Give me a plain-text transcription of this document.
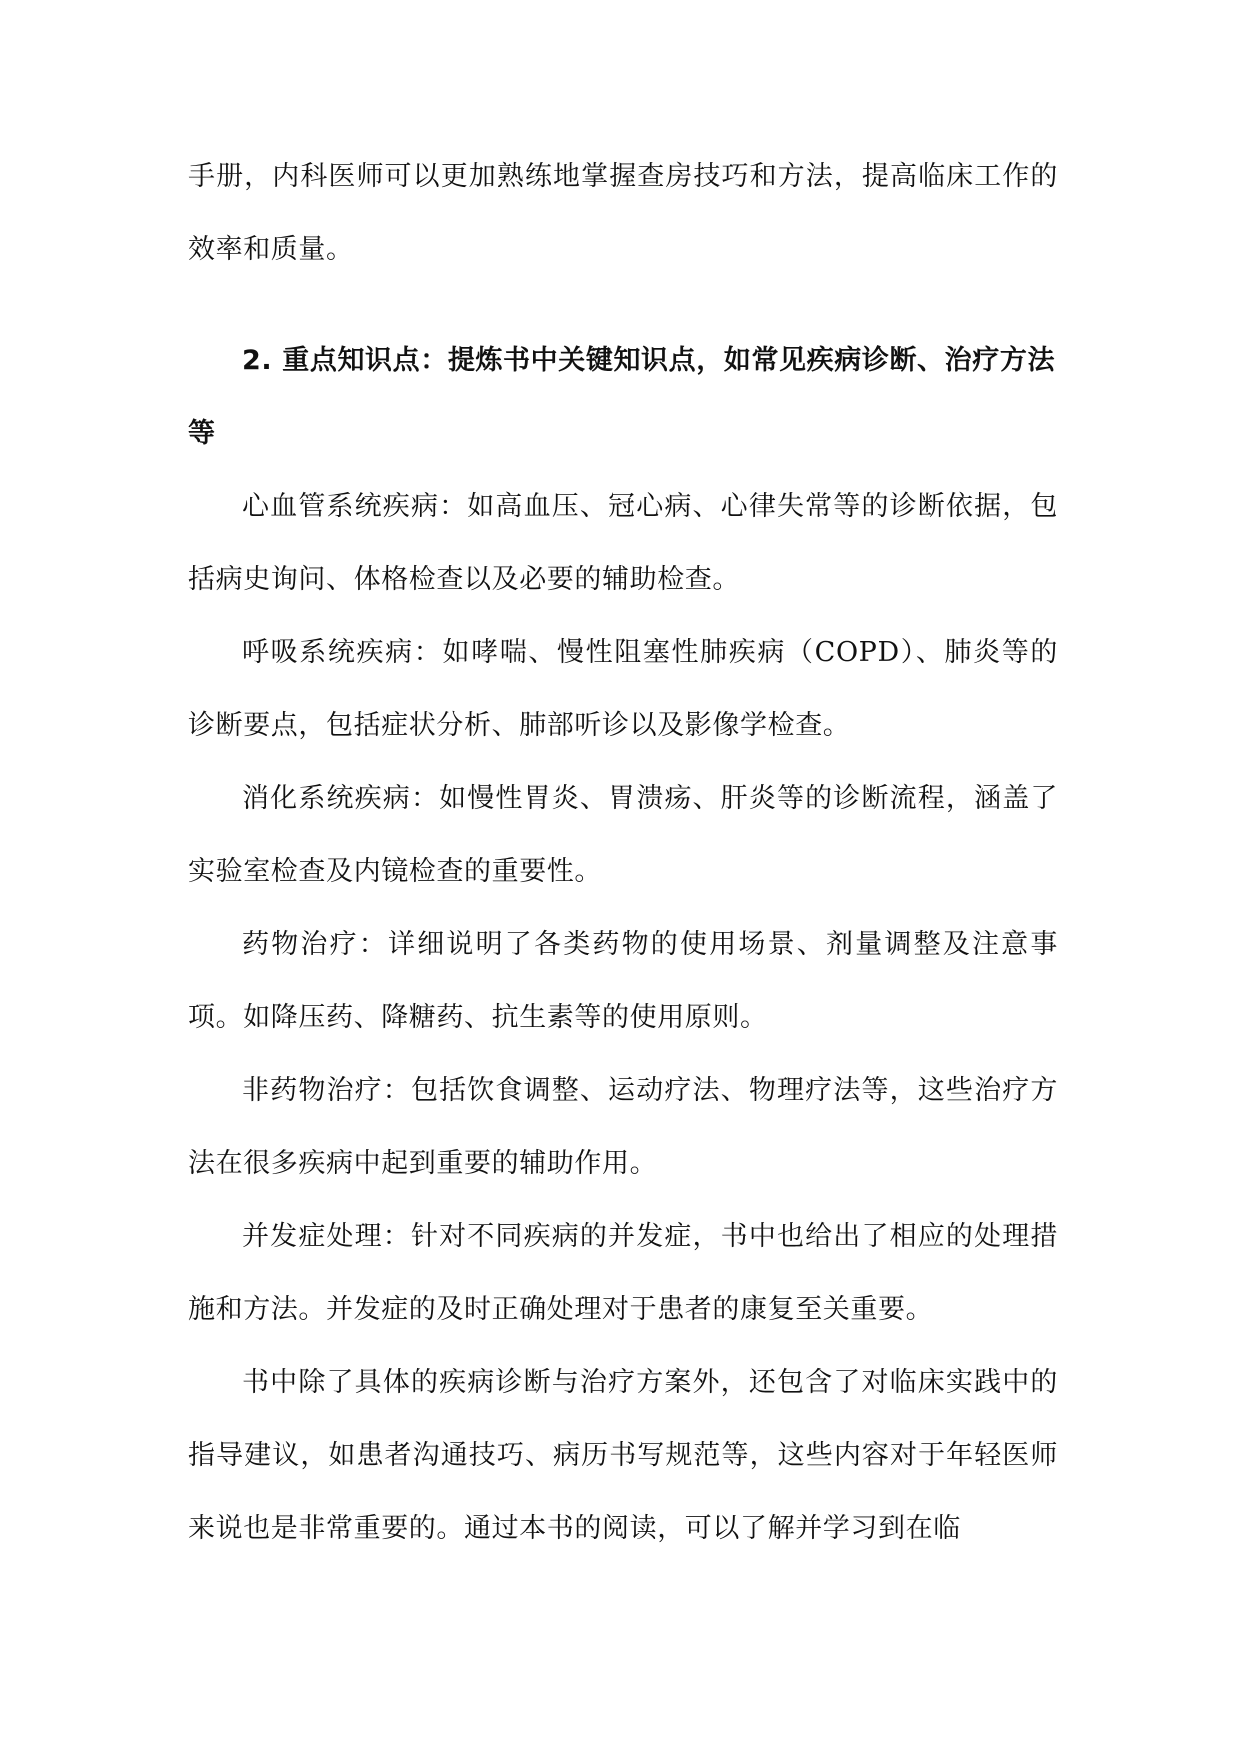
手册，内科医师可以更加熟练地掌握查房技巧和方法，提高临床工作的效率和质量。

2. 重点知识点：提炼书中关键知识点，如常见疾病诊断、治疗方法等

心血管系统疾病：如高血压、冠心病、心律失常等的诊断依据，包括病史询问、体格检查以及必要的辅助检查。

呼吸系统疾病：如哮喘、慢性阻塞性肺疾病（COPD）、肺炎等的诊断要点，包括症状分析、肺部听诊以及影像学检查。

消化系统疾病：如慢性胃炎、胃溃疡、肝炎等的诊断流程，涵盖了实验室检查及内镜检查的重要性。

药物治疗：详细说明了各类药物的使用场景、剂量调整及注意事项。如降压药、降糖药、抗生素等的使用原则。

非药物治疗：包括饮食调整、运动疗法、物理疗法等，这些治疗方法在很多疾病中起到重要的辅助作用。

并发症处理：针对不同疾病的并发症，书中也给出了相应的处理措施和方法。并发症的及时正确处理对于患者的康复至关重要。

书中除了具体的疾病诊断与治疗方案外，还包含了对临床实践中的指导建议，如患者沟通技巧、病历书写规范等，这些内容对于年轻医师来说也是非常重要的。通过本书的阅读，可以了解并学习到在临
